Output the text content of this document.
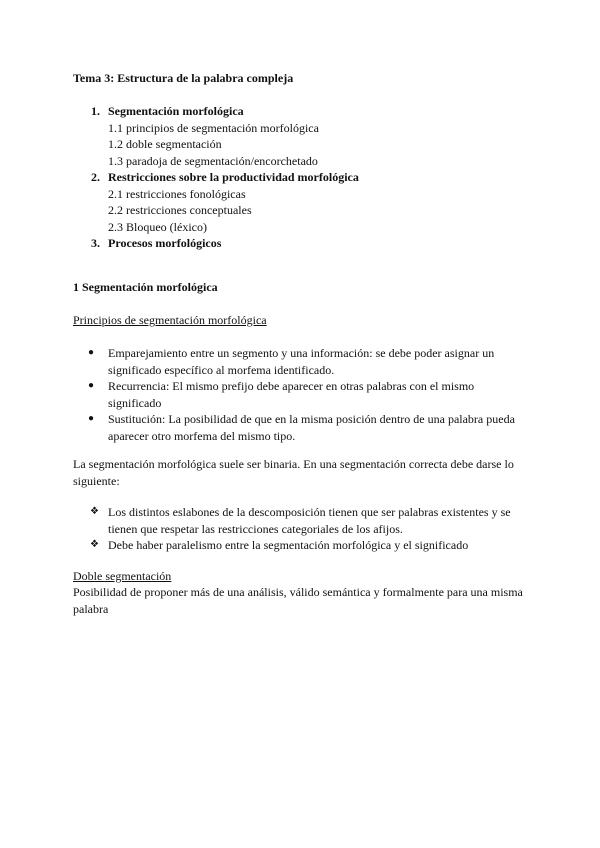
Tema 3: Estructura de la palabra compleja
1. Segmentación morfológica
1.1 principios de segmentación morfológica
1.2 doble segmentación
1.3 paradoja de segmentación/encorchetado
2. Restricciones sobre la productividad morfológica
2.1 restricciones fonológicas
2.2 restricciones conceptuales
2.3 Bloqueo (léxico)
3. Procesos morfológicos
1 Segmentación morfológica
Principios de segmentación morfológica
● Emparejamiento entre un segmento y una información: se debe poder asignar un significado específico al morfema identificado.
● Recurrencia: El mismo prefijo debe aparecer en otras palabras con el mismo significado
● Sustitución: La posibilidad de que en la misma posición dentro de una palabra pueda aparecer otro morfema del mismo tipo.

La segmentación morfológica suele ser binaria. En una segmentación correcta debe darse lo siguiente:

❖ Los distintos eslabones de la descomposición tienen que ser palabras existentes y se tienen que respetar las restricciones categoriales de los afijos.
❖ Debe haber paralelismo entre la segmentación morfológica y el significado
Doble segmentación

Posibilidad de proponer más de una análisis, válido semántica y formalmente para una misma palabra
